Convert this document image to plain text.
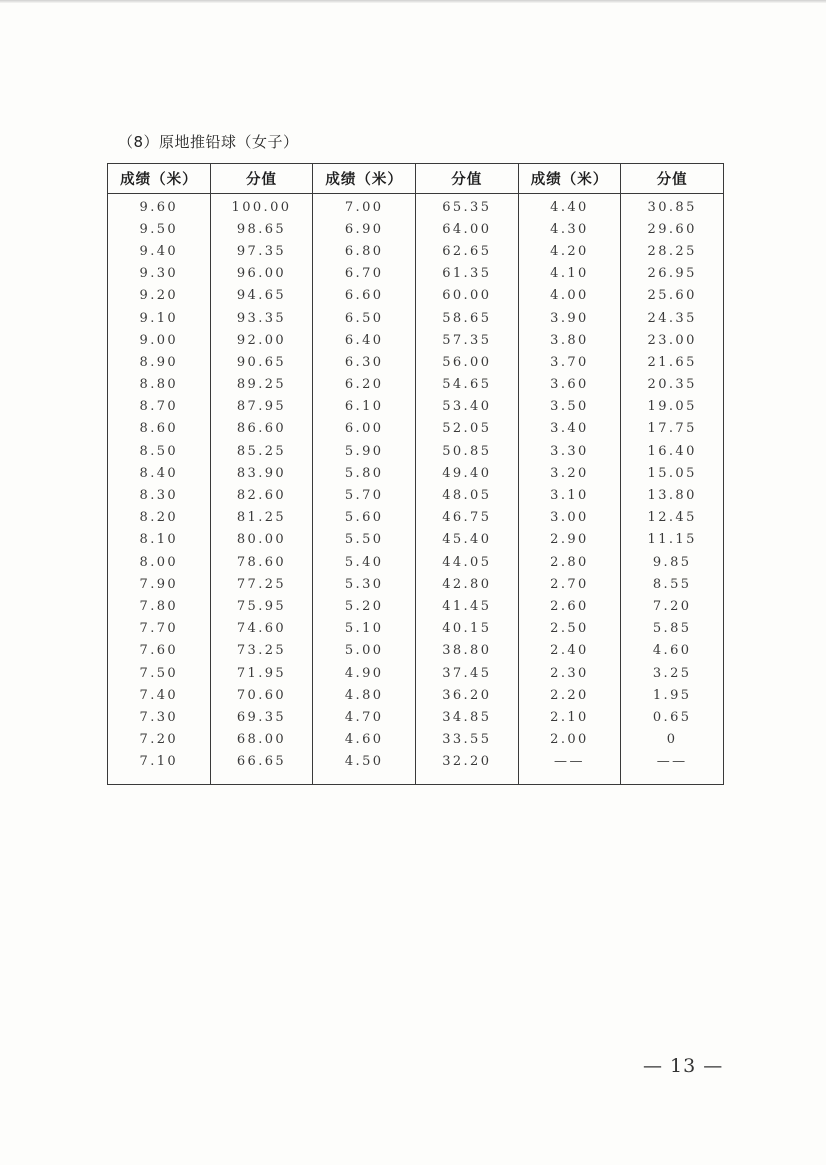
（8）原地推铅球（女子）
成绩（米）	分值	成绩（米）	分值	成绩（米）	分值
9.60	100.00	7.00	65.35	4.40	30.85
9.50	98.65	6.90	64.00	4.30	29.60
9.40	97.35	6.80	62.65	4.20	28.25
9.30	96.00	6.70	61.35	4.10	26.95
9.20	94.65	6.60	60.00	4.00	25.60
9.10	93.35	6.50	58.65	3.90	24.35
9.00	92.00	6.40	57.35	3.80	23.00
8.90	90.65	6.30	56.00	3.70	21.65
8.80	89.25	6.20	54.65	3.60	20.35
8.70	87.95	6.10	53.40	3.50	19.05
8.60	86.60	6.00	52.05	3.40	17.75
8.50	85.25	5.90	50.85	3.30	16.40
8.40	83.90	5.80	49.40	3.20	15.05
8.30	82.60	5.70	48.05	3.10	13.80
8.20	81.25	5.60	46.75	3.00	12.45
8.10	80.00	5.50	45.40	2.90	11.15
8.00	78.60	5.40	44.05	2.80	9.85
7.90	77.25	5.30	42.80	2.70	8.55
7.80	75.95	5.20	41.45	2.60	7.20
7.70	74.60	5.10	40.15	2.50	5.85
7.60	73.25	5.00	38.80	2.40	4.60
7.50	71.95	4.90	37.45	2.30	3.25
7.40	70.60	4.80	36.20	2.20	1.95
7.30	69.35	4.70	34.85	2.10	0.65
7.20	68.00	4.60	33.55	2.00	0
7.10	66.65	4.50	32.20	——	——

— 13 —
